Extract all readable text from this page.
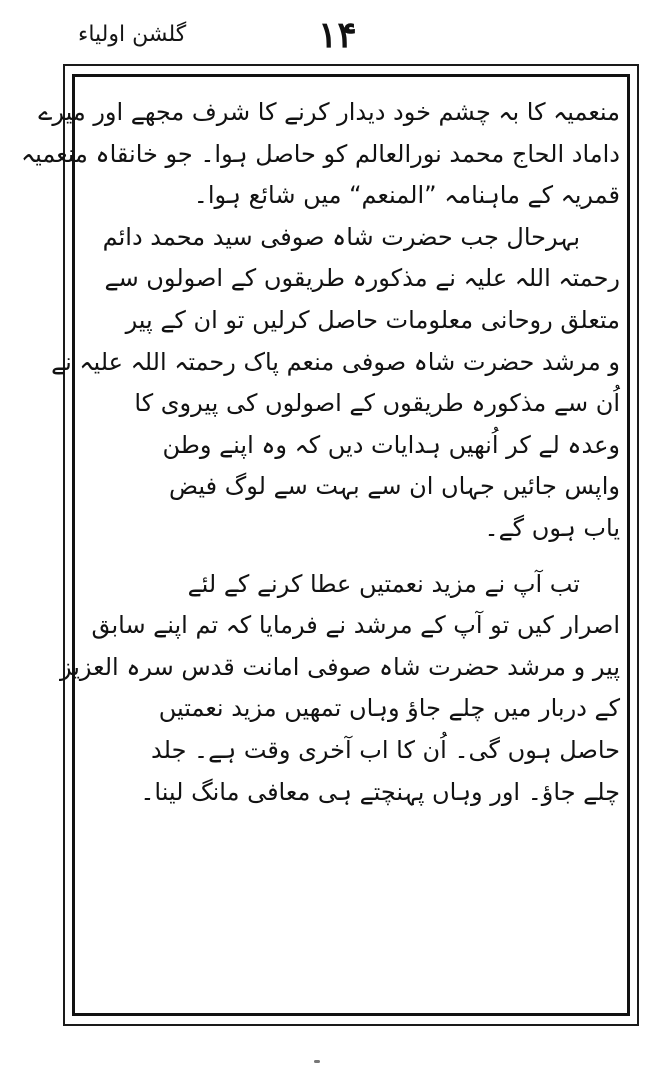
گلشن اولیاء	۱۴
منعمیہ کا بہ چشم خود دیدار کرنے کا شرف مجھے اور میرے
داماد الحاج محمد نورالعالم کو حاصل ہوا۔ جو خانقاہ منعمیہ
قمریہ کے ماہنامہ ”المنعم“ میں شائع ہوا۔
بہرحال جب حضرت شاہ صوفی سید محمد دائم
رحمتہ اللہ علیہ نے مذکورہ طریقوں کے اصولوں سے
متعلق روحانی معلومات حاصل کرلیں تو ان کے پیر
و مرشد حضرت شاہ صوفی منعم پاک رحمتہ اللہ علیہ نے
اُن سے مذکورہ طریقوں کے اصولوں کی پیروی کا
وعدہ لے کر اُنھیں ہدایات دیں کہ وہ اپنے وطن
واپس جائیں جہاں ان سے بہت سے لوگ فیض
یاب ہوں گے۔
تب آپ نے مزید نعمتیں عطا کرنے کے لئے
اصرار کیں تو آپ کے مرشد نے فرمایا کہ تم اپنے سابق
پیر و مرشد حضرت شاہ صوفی امانت قدس سرہ العزیز
کے دربار میں چلے جاؤ وہاں تمھیں مزید نعمتیں
حاصل ہوں گی۔ اُن کا اب آخری وقت ہے۔ جلد
چلے جاؤ۔ اور وہاں پہنچتے ہی معافی مانگ لینا۔
